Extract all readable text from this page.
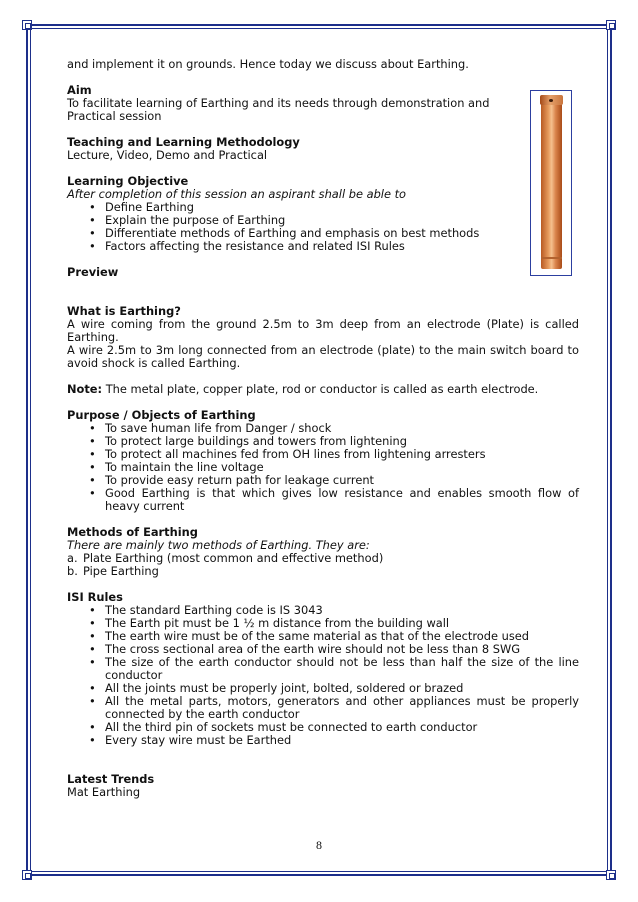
and implement it on grounds. Hence today we discuss about Earthing.

Aim

To facilitate learning of Earthing and its needs through demonstration and Practical session

Teaching and Learning Methodology

Lecture, Video, Demo and Practical

Learning Objective

After completion of this session an aspirant shall be able to

• Define Earthing
• Explain the purpose of Earthing
• Differentiate methods of Earthing and emphasis on best methods
• Factors affecting the resistance and related ISI Rules

Preview

What is Earthing?

A wire coming from the ground 2.5m to 3m deep from an electrode (Plate) is called Earthing.

A wire 2.5m to 3m long connected from an electrode (plate) to the main switch board to avoid shock is called Earthing.

Note: The metal plate, copper plate, rod or conductor is called as earth electrode.

Purpose / Objects of Earthing

• To save human life from Danger / shock
• To protect large buildings and towers from lightening
• To protect all machines fed from OH lines from lightening arresters
• To maintain the line voltage
• To provide easy return path for leakage current
• Good Earthing is that which gives low resistance and enables smooth flow of heavy current

Methods of Earthing

There are mainly two methods of Earthing. They are:

a. Plate Earthing (most common and effective method)
b. Pipe Earthing

ISI Rules

• The standard Earthing code is IS 3043
• The Earth pit must be 1 ½ m distance from the building wall
• The earth wire must be of the same material as that of the electrode used
• The cross sectional area of the earth wire should not be less than 8 SWG
• The size of the earth conductor should not be less than half the size of the line conductor
• All the joints must be properly joint, bolted, soldered or brazed
• All the metal parts, motors, generators and other appliances must be properly connected by the earth conductor
• All the third pin of sockets must be connected to earth conductor
• Every stay wire must be Earthed

Latest Trends

Mat Earthing

8
